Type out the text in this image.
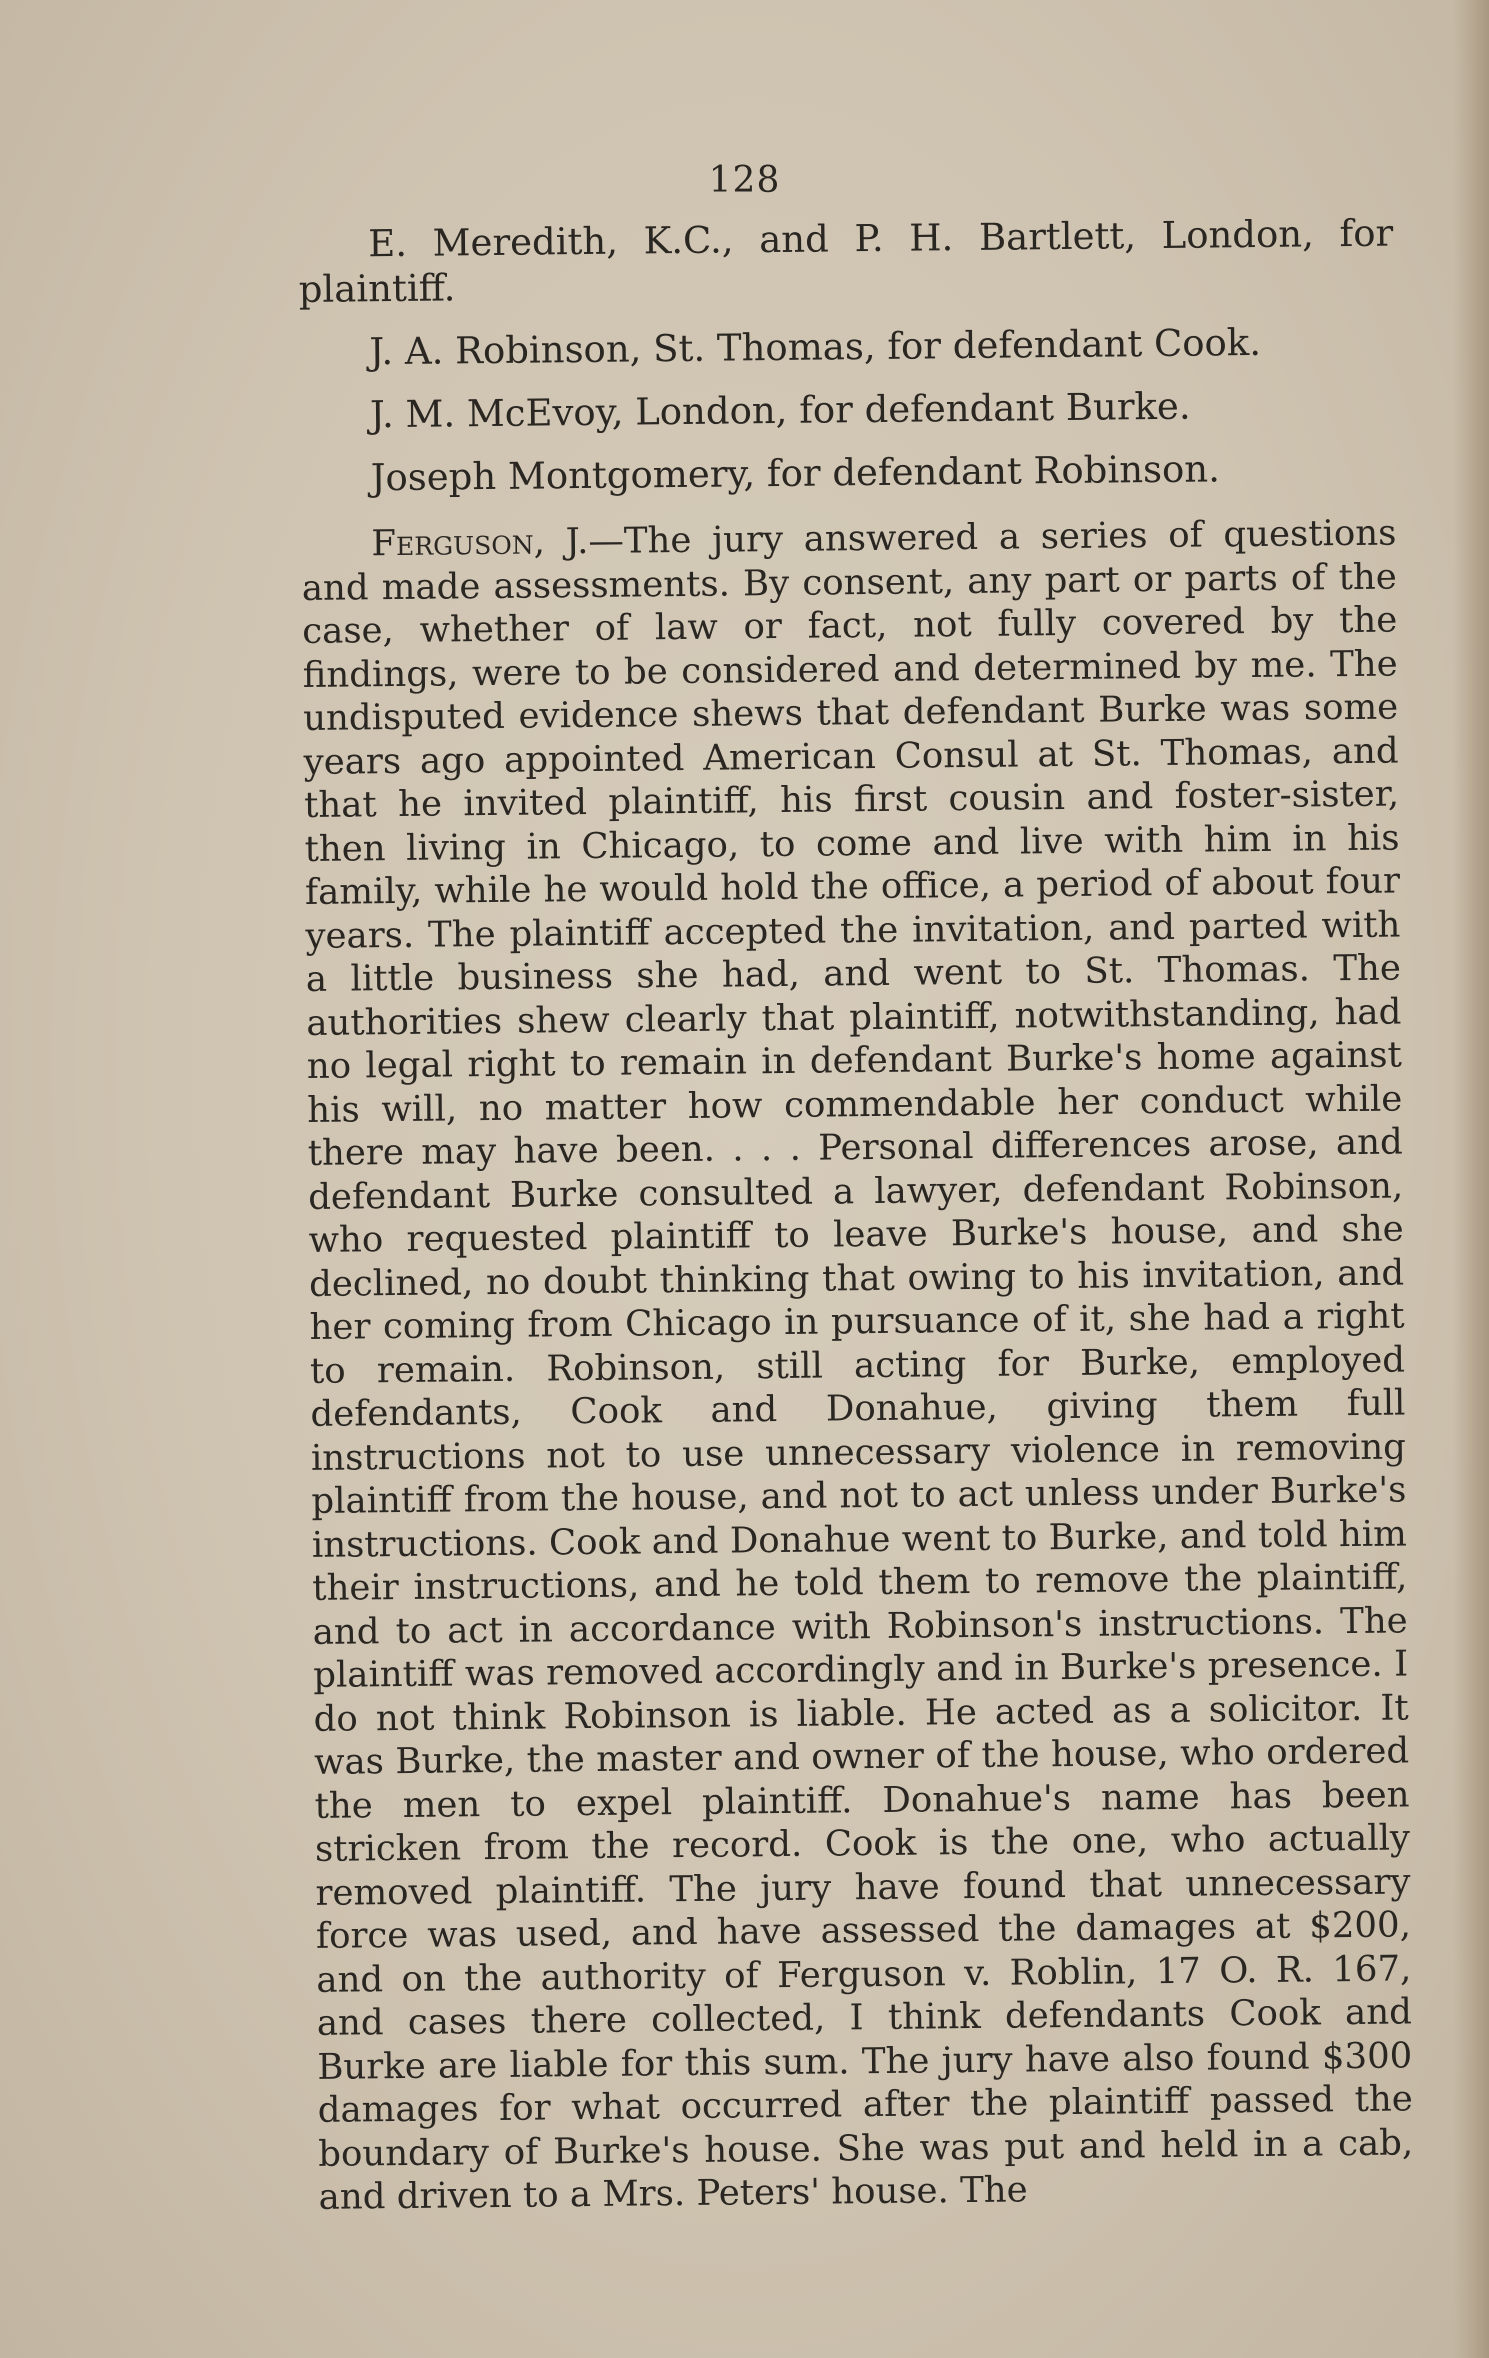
128

E. Meredith, K.C., and P. H. Bartlett, London, for plaintiff.

J. A. Robinson, St. Thomas, for defendant Cook.

J. M. McEvoy, London, for defendant Burke.

Joseph Montgomery, for defendant Robinson.

Ferguson, J.—The jury answered a series of questions and made assessments. By consent, any part or parts of the case, whether of law or fact, not fully covered by the findings, were to be considered and determined by me. The undisputed evidence shews that defendant Burke was some years ago appointed American Consul at St. Thomas, and that he invited plaintiff, his first cousin and foster-sister, then living in Chicago, to come and live with him in his family, while he would hold the office, a period of about four years. The plaintiff accepted the invitation, and parted with a little business she had, and went to St. Thomas. The authorities shew clearly that plaintiff, notwithstanding, had no legal right to remain in defendant Burke's home against his will, no matter how commendable her conduct while there may have been. . . . Personal differences arose, and defendant Burke consulted a lawyer, defendant Robinson, who requested plaintiff to leave Burke's house, and she declined, no doubt thinking that owing to his invitation, and her coming from Chicago in pursuance of it, she had a right to remain. Robinson, still acting for Burke, employed defendants, Cook and Donahue, giving them full instructions not to use unnecessary violence in removing plaintiff from the house, and not to act unless under Burke's instructions. Cook and Donahue went to Burke, and told him their instructions, and he told them to remove the plaintiff, and to act in accordance with Robinson's instructions. The plaintiff was removed accordingly and in Burke's presence. I do not think Robinson is liable. He acted as a solicitor. It was Burke, the master and owner of the house, who ordered the men to expel plaintiff. Donahue's name has been stricken from the record. Cook is the one, who actually removed plaintiff. The jury have found that unnecessary force was used, and have assessed the damages at $200, and on the authority of Ferguson v. Roblin, 17 O. R. 167, and cases there collected, I think defendants Cook and Burke are liable for this sum. The jury have also found $300 damages for what occurred after the plaintiff passed the boundary of Burke's house. She was put and held in a cab, and driven to a Mrs. Peters' house. The
